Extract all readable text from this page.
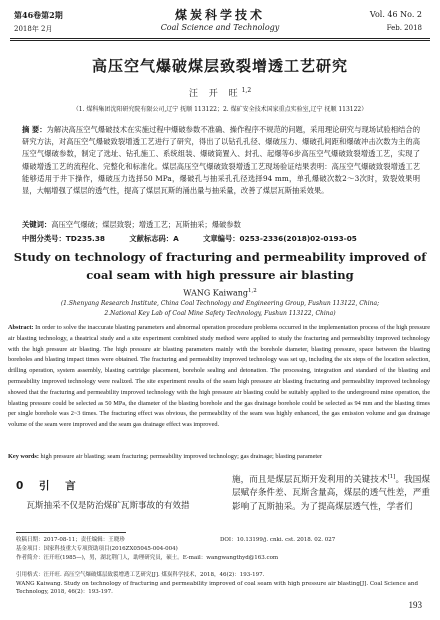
第46卷第2期
2018年 2月
煤炭科学技术
Coal Science and Technology
Vol. 46 No. 2
Feb. 2018
高压空气爆破煤层致裂增透工艺研究
汪 开 旺$^{1,2}$
（1. 煤科集团沈阳研究院有限公司,辽宁 抚顺 113122；2. 煤矿安全技术国家重点实验室,辽宁 抚顺 113122）
摘 要：为解决高压空气爆破技术在实施过程中爆破参数不准确、操作程序不规范的问题，采用理论研究与现场试验相结合的研究方法，对高压空气爆破致裂增透工艺进行了研究，得出了以钻孔孔径、爆破压力、爆破孔间距和爆破冲击次数为主的高压空气爆破参数，制定了选址、钻孔施工、系统组装、爆破筒置入、封孔、起爆等6步高压空气爆破致裂增透工艺，实现了爆破增透工艺的流程化、完整化和标准化。煤层高压空气爆破致裂增透工艺现场验证结果表明：高压空气爆破致裂增透工艺能够适用于井下操作，爆破压力选择50 MPa，爆破孔与抽采孔孔径选择94 mm，单孔爆破次数2～3次时，致裂效果明显，大幅增强了煤层的透气性，提高了煤层瓦斯的涌出量与抽采量，改善了煤层瓦斯抽采效果。
关键词：高压空气爆破；煤层致裂；增透工艺；瓦斯抽采；爆破参数
中图分类号：TD235.38	文献标志码：A	文章编号：0253-2336(2018)02-0193-05
Study on technology of fracturing and permeability improved of coal seam with high pressure air blasting
WANG Kaiwang$^{1,2}$
(1.Shenyang Research Institute, China Coal Technology and Engineering Group, Fushun 113122, China;
2.National Key Lab of Coal Mine Safety Technology, Fushun 113122, China)
Abstract: In order to solve the inaccurate blasting parameters and abnormal operation procedure problems occurred in the implementation process of the high pressure air blasting technology, a theatrical study and a site experiment combined study method were applied to study the fracturing and permeability improved technology with the high pressure air blasting. The high pressure air blasting parameters mainly with the borehole diameter, blasting pressure, space between the blasting boreholes and blasting impact times were obtained. The fracturing and permeability improved technology was set up, including the six steps of the location selection, drilling operation, system assembly, blasting cartridge placement, borehole sealing and detonation. The processing, integration and standard of the blasting and permeability improved technology were realized. The site experiment results of the seam high pressure air blasting fracturing and permeability improved technology showed that the fracturing and permeability improved technology with the high pressure air blasting could be suitably applied to the underground mine operation, the blasting pressure could be selected as 50 MPa, the diameter of the blasting borehole and the gas drainage borehole could be selected as 94 mm and the blasting times per single borehole was 2~3 times. The fracturing effect was obvious, the permeability of the seam was highly enhanced, the gas emission volume and gas drainage volume of the seam were improved and the seam gas drainage effect was improved.
Key words: high pressure air blasting; seam fracturing; permeability improved technology; gas drainage; blasting parameter
0 引 言
瓦斯抽采不仅是防治煤矿瓦斯事故的有效措
施，而且是煤层瓦斯开发利用的关键技术[1]。我国煤层赋存条件差、瓦斯含量高，煤层的透气性差，严重影响了瓦斯抽采。为了提高煤层透气性，学者们
收稿日期：2017-08-11；责任编辑：王晓珍	DOI：10.13199/j. cnki. cst. 2018. 02. 027
基金项目：国家科技重大专项资助项目(2016ZX05045-004-004)
作者简介：汪开旺(1985—)，男，湖北荆门人，助理研究员，硕士。E-mail：wangwangthyd@163.com
引用格式：汪开旺. 高压空气爆破煤层致裂增透工艺研究[J]. 煤炭科学技术，2018，46(2)：193-197.
WANG Kaiwang. Study on technology of fracturing and permeability improved of coal seam with high pressure air blasting[J]. Coal Science and Technology, 2018, 46(2)：193-197.
193
